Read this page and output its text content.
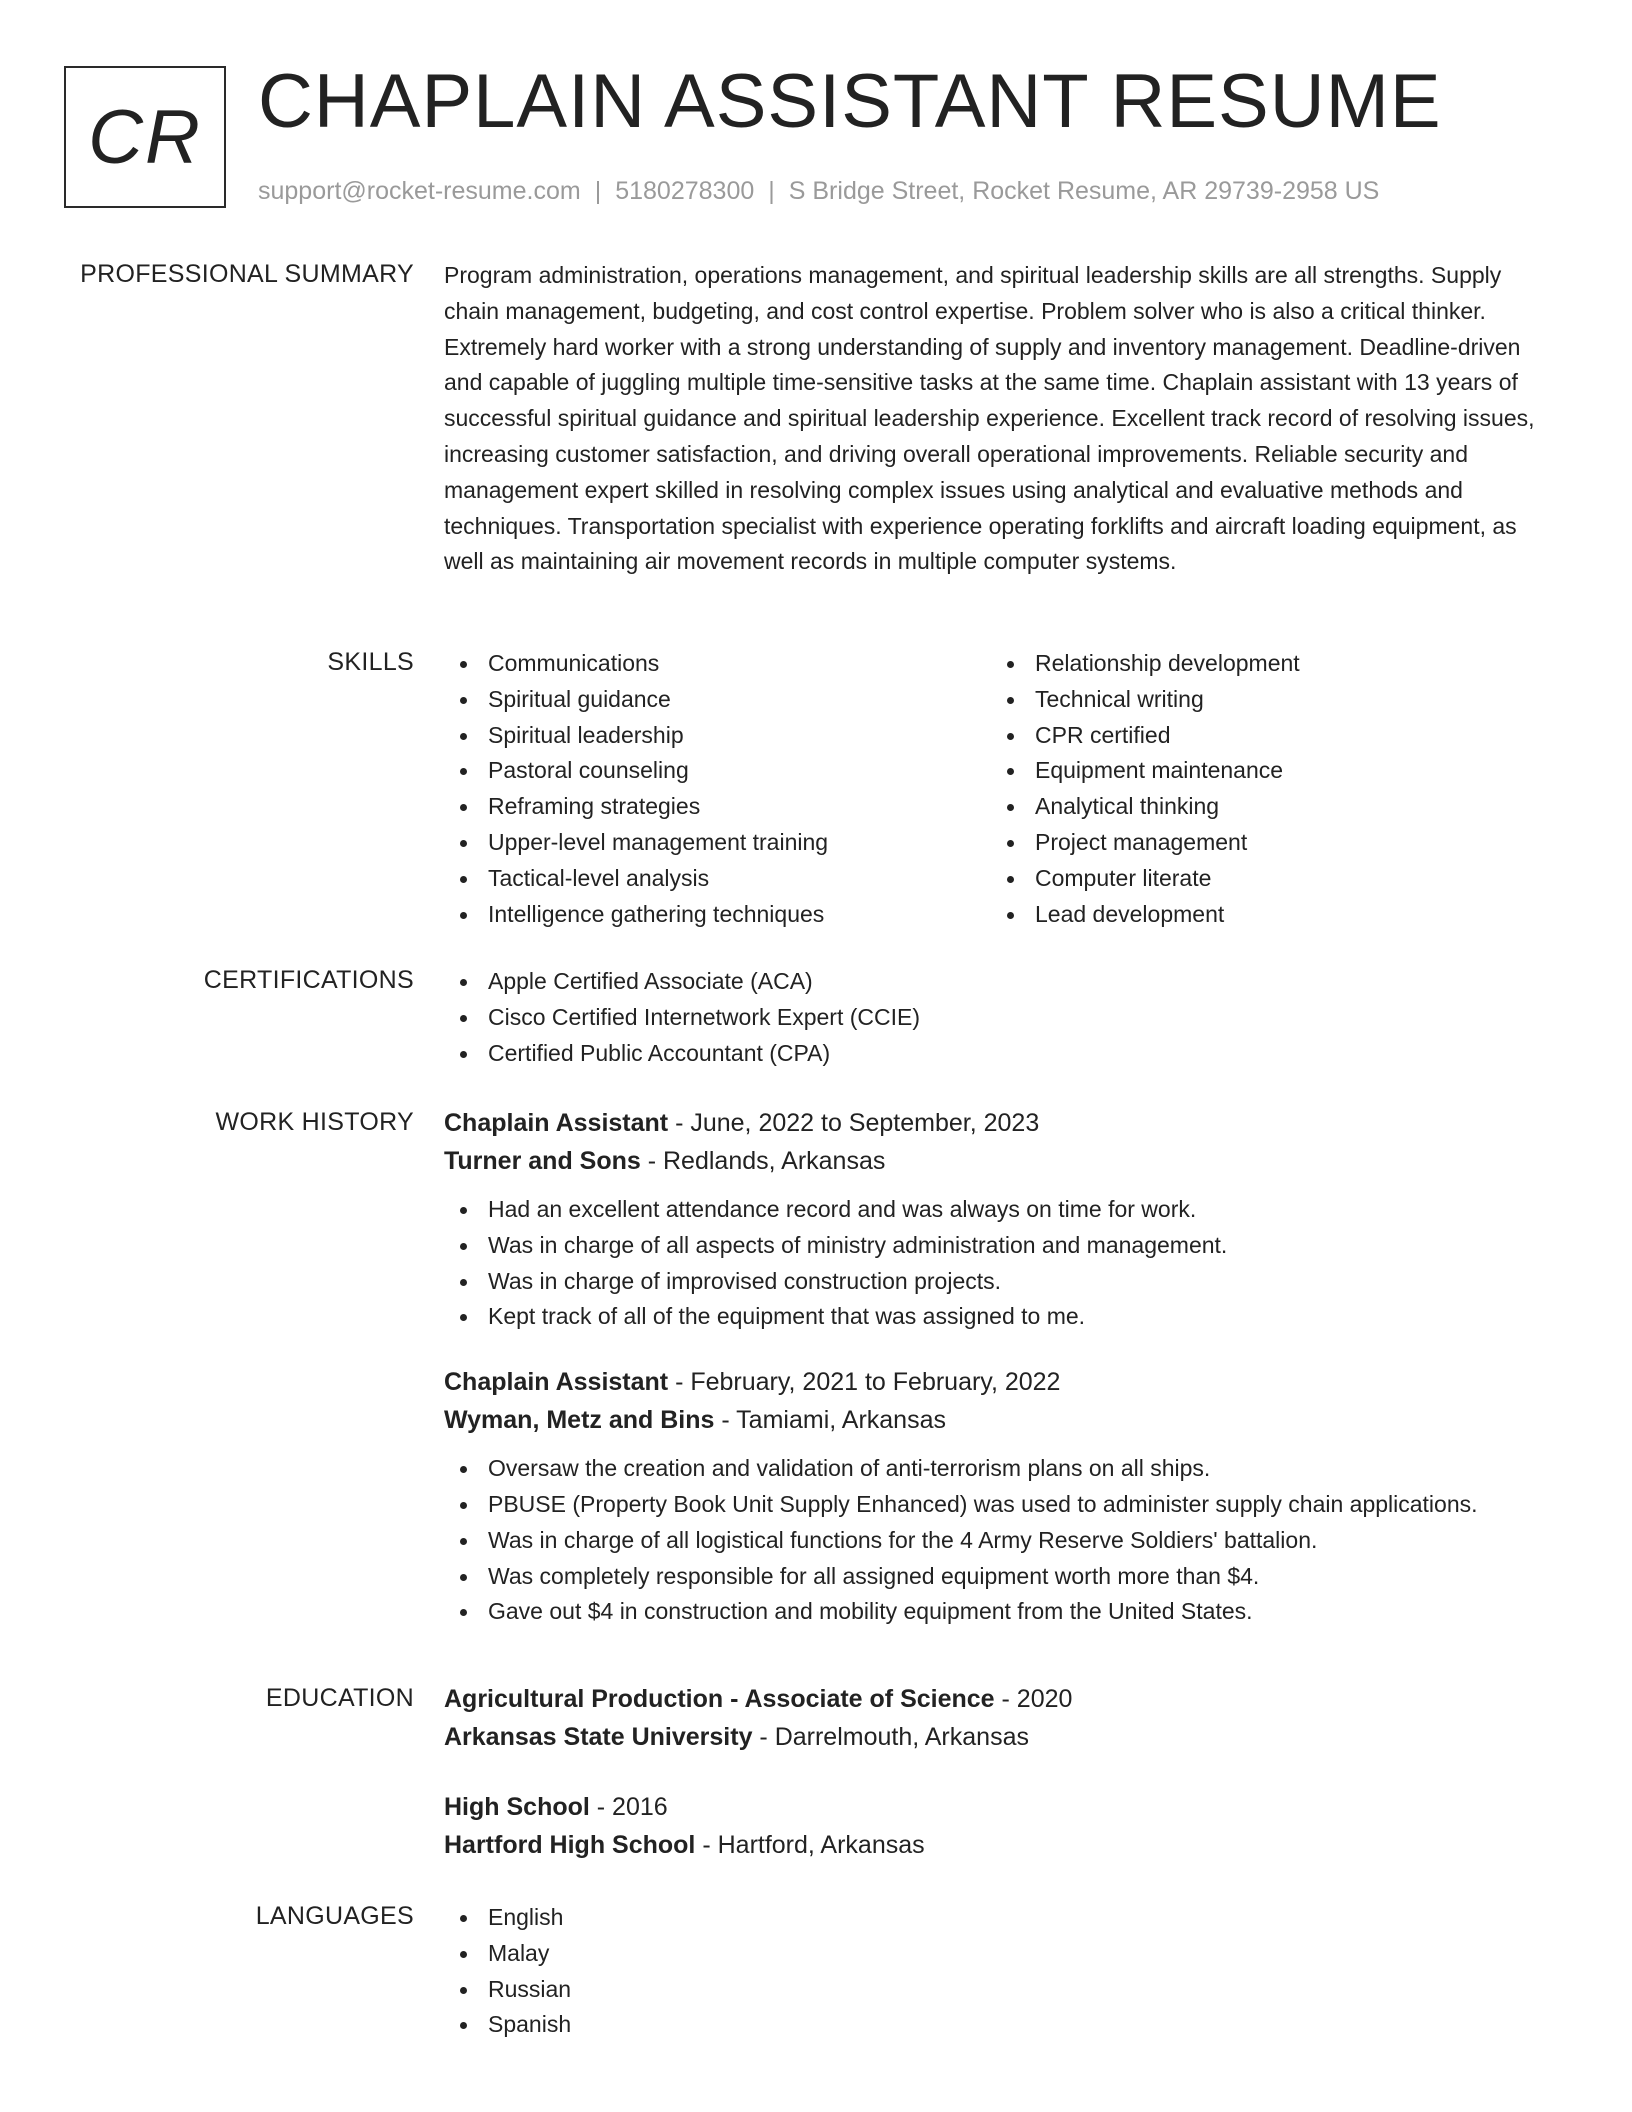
CR CHAPLAIN ASSISTANT RESUME
support@rocket-resume.com | 5180278300 | S Bridge Street, Rocket Resume, AR 29739-2958 US
PROFESSIONAL SUMMARY Program administration, operations management, and spiritual leadership skills are all strengths. Supply chain management, budgeting, and cost control expertise. Problem solver who is also a critical thinker. Extremely hard worker with a strong understanding of supply and inventory management. Deadline-driven and capable of juggling multiple time-sensitive tasks at the same time. Chaplain assistant with 13 years of successful spiritual guidance and spiritual leadership experience. Excellent track record of resolving issues, increasing customer satisfaction, and driving overall operational improvements. Reliable security and management expert skilled in resolving complex issues using analytical and evaluative methods and techniques. Transportation specialist with experience operating forklifts and aircraft loading equipment, as well as maintaining air movement records in multiple computer systems.
SKILLS	Communications
Spiritual guidance
Spiritual leadership
Pastoral counseling
Reframing strategies
Upper-level management training
Tactical-level analysis
Intelligence gathering techniques
Relationship development
Technical writing
CPR certified
Equipment maintenance
Analytical thinking
Project management
Computer literate
Lead development
CERTIFICATIONS	Apple Certified Associate (ACA)
Cisco Certified Internetwork Expert (CCIE)
Certified Public Accountant (CPA)
WORK HISTORY Chaplain Assistant - June, 2022 to September, 2023
Turner and Sons - Redlands, Arkansas
Had an excellent attendance record and was always on time for work.
Was in charge of all aspects of ministry administration and management.
Was in charge of improvised construction projects.
Kept track of all of the equipment that was assigned to me.
Chaplain Assistant - February, 2021 to February, 2022
Wyman, Metz and Bins - Tamiami, Arkansas
Oversaw the creation and validation of anti-terrorism plans on all ships.
PBUSE (Property Book Unit Supply Enhanced) was used to administer supply chain applications.
Was in charge of all logistical functions for the 4 Army Reserve Soldiers' battalion.
Was completely responsible for all assigned equipment worth more than $4.
Gave out $4 in construction and mobility equipment from the United States.
EDUCATION Agricultural Production - Associate of Science - 2020
Arkansas State University - Darrelmouth, Arkansas
High School - 2016
Hartford High School - Hartford, Arkansas
LANGUAGES	English
Malay
Russian
Spanish
